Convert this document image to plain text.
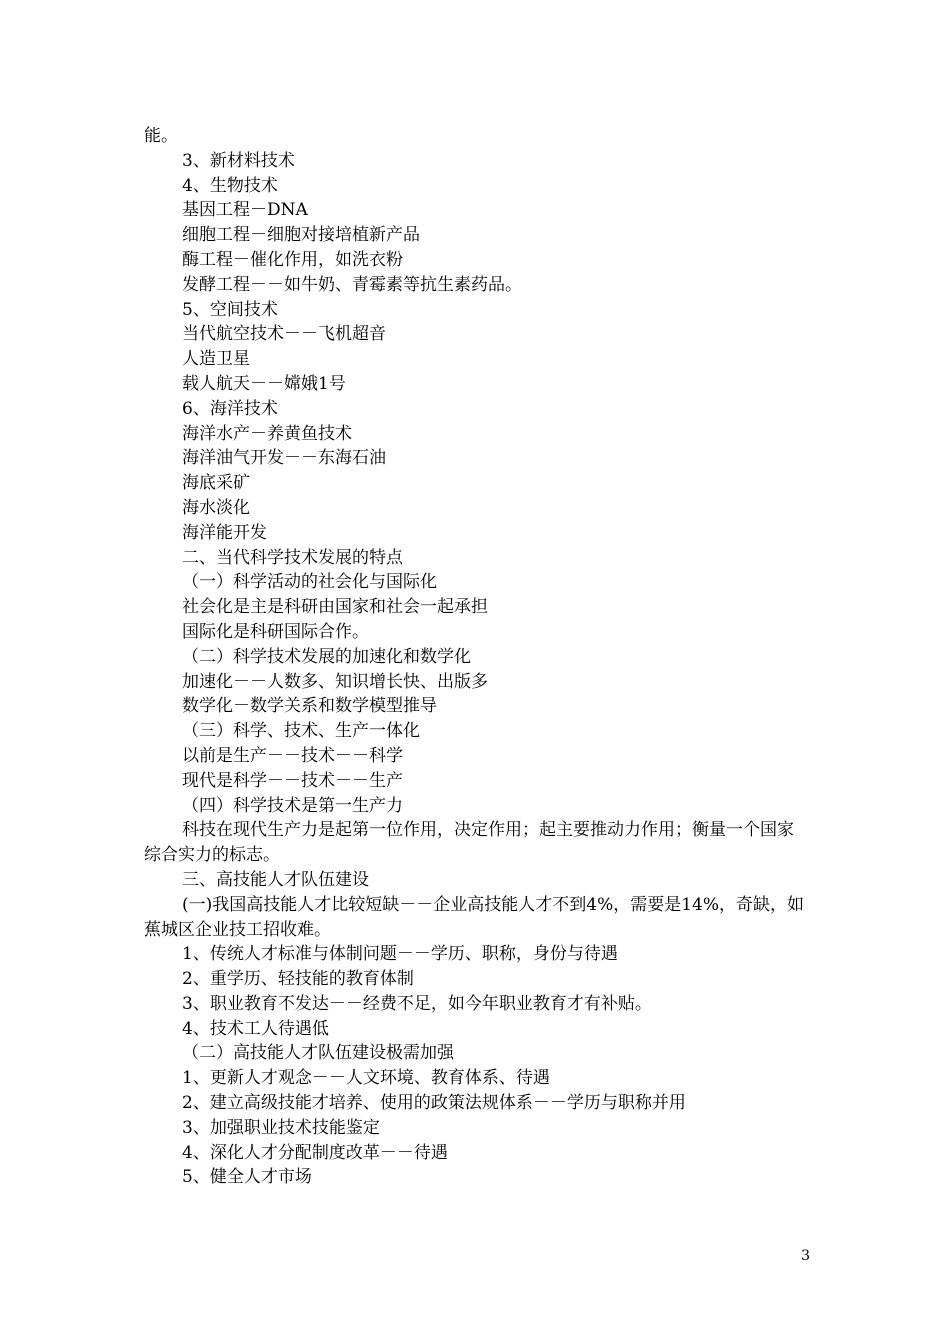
能。
3、新材料技术
4、生物技术
基因工程－DNA
细胞工程－细胞对接培植新产品
酶工程－催化作用，如洗衣粉
发酵工程－－如牛奶、青霉素等抗生素药品。
5、空间技术
当代航空技术－－飞机超音
人造卫星
载人航天－－嫦娥1号
6、海洋技术
海洋水产－养黄鱼技术
海洋油气开发－－东海石油
海底采矿
海水淡化
海洋能开发
二、当代科学技术发展的特点
（一）科学活动的社会化与国际化
社会化是主是科研由国家和社会一起承担
国际化是科研国际合作。
（二）科学技术发展的加速化和数学化
加速化－－人数多、知识增长快、出版多
数学化－数学关系和数学模型推导
（三）科学、技术、生产一体化
以前是生产－－技术－－科学
现代是科学－－技术－－生产
（四）科学技术是第一生产力
科技在现代生产力是起第一位作用，决定作用；起主要推动力作用；衡量一个国家综合实力的标志。
三、高技能人才队伍建设
(一)我国高技能人才比较短缺－－企业高技能人才不到4%，需要是14%，奇缺，如蕉城区企业技工招收难。
1、传统人才标准与体制问题－－学历、职称，身份与待遇
2、重学历、轻技能的教育体制
3、职业教育不发达－－经费不足，如今年职业教育才有补贴。
4、技术工人待遇低
（二）高技能人才队伍建设极需加强
1、更新人才观念－－人文环境、教育体系、待遇
2、建立高级技能才培养、使用的政策法规体系－－学历与职称并用
3、加强职业技术技能鉴定
4、深化人才分配制度改革－－待遇
5、健全人才市场
3
